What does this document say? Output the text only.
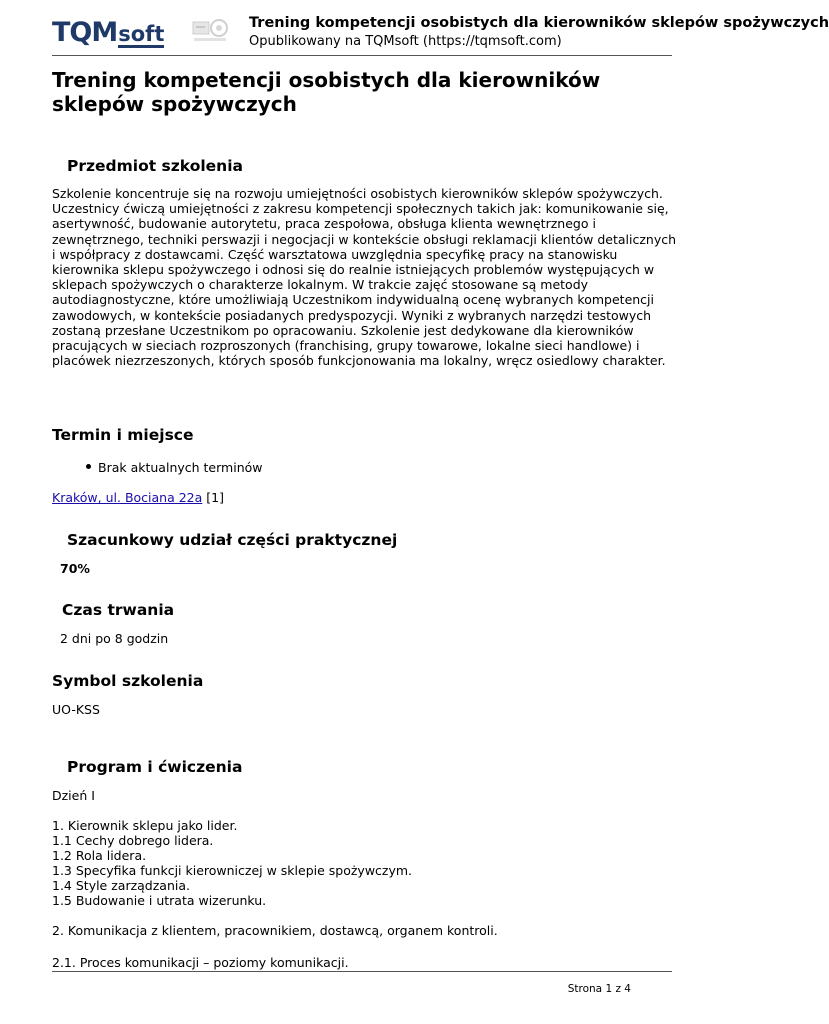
TQM soft	Trening kompetencji osobistych dla kierowników sklepów spożywczych
Opublikowany na TQMsoft (https://tqmsoft.com)
Trening kompetencji osobistych dla kierowników sklepów spożywczych
Przedmiot szkolenia

Szkolenie koncentruje się na rozwoju umiejętności osobistych kierowników sklepów spożywczych. Uczestnicy ćwiczą umiejętności z zakresu kompetencji społecznych takich jak: komunikowanie się, asertywność, budowanie autorytetu, praca zespołowa, obsługa klienta wewnętrznego i zewnętrznego, techniki perswazji i negocjacji w kontekście obsługi reklamacji klientów detalicznych i współpracy z dostawcami. Część warsztatowa uwzględnia specyfikę pracy na stanowisku kierownika sklepu spożywczego i odnosi się do realnie istniejących problemów występujących w sklepach spożywczych o charakterze lokalnym. W trakcie zajęć stosowane są metody autodiagnostyczne, które umożliwiają Uczestnikom indywidualną ocenę wybranych kompetencji zawodowych, w kontekście posiadanych predyspozycji. Wyniki z wybranych narzędzi testowych zostaną przesłane Uczestnikom po opracowaniu. Szkolenie jest dedykowane dla kierowników pracujących w sieciach rozproszonych (franchising, grupy towarowe, lokalne sieci handlowe) i placówek niezrzeszonych, których sposób funkcjonowania ma lokalny, wręcz osiedlowy charakter.

Termin i miejsce
Brak aktualnych terminów
Kraków, ul. Bociana 22a [1]
Szacunkowy udział części praktycznej
70%
Czas trwania
2 dni po 8 godzin
Symbol szkolenia
UO-KSS
Program i ćwiczenia
Dzień I
1. Kierownik sklepu jako lider.
1.1 Cechy dobrego lidera.
1.2 Rola lidera.
1.3 Specyfika funkcji kierowniczej w sklepie spożywczym.
1.4 Style zarządzania.
1.5 Budowanie i utrata wizerunku.
2. Komunikacja z klientem, pracownikiem, dostawcą, organem kontroli.
2.1. Proces komunikacji – poziomy komunikacji.
Strona 1 z 4
